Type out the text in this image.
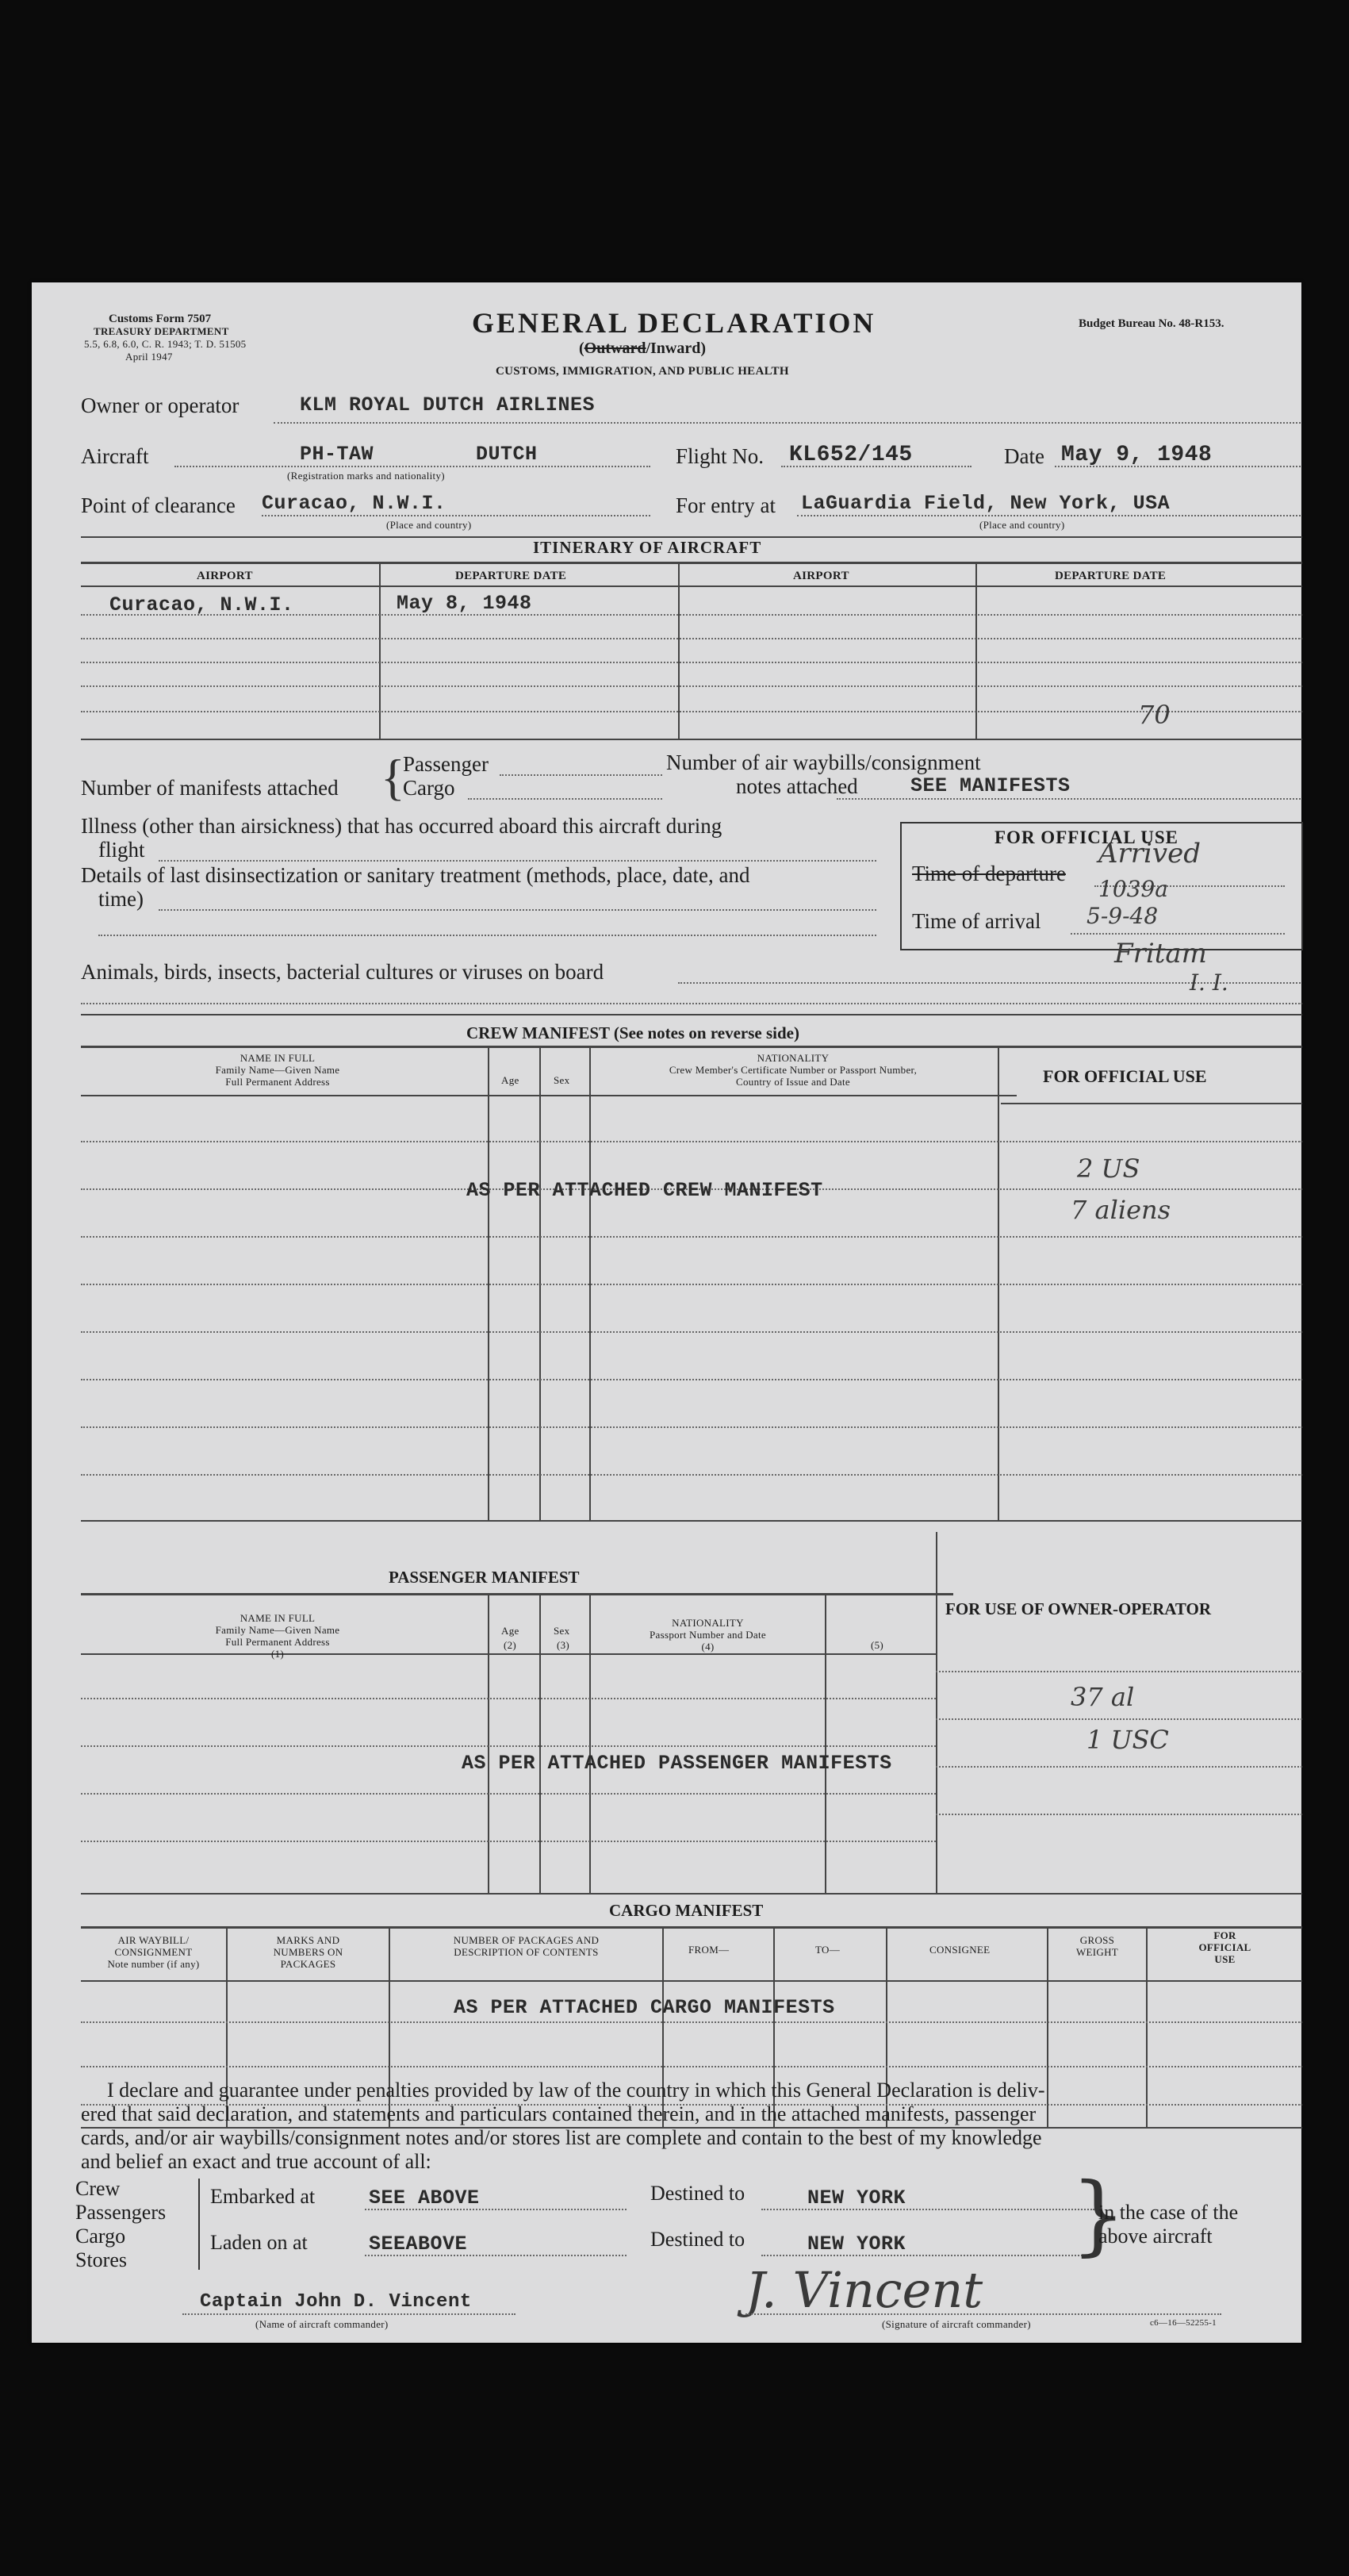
Customs Form 7507
TREASURY DEPARTMENT
5.5, 6.8, 6.0, C. R. 1943; T. D. 51505
April 1947
GENERAL DECLARATION
(Outward/Inward)
CUSTOMS, IMMIGRATION, AND PUBLIC HEALTH
Budget Bureau No. 48-R153.
Owner or operator	KLM ROYAL DUTCH AIRLINES
Aircraft	PH-TAW	DUTCH
(Registration marks and nationality)
Flight No. KL652/145	Date May 9, 1948
Point of clearance Curacao, N.W.I.
(Place and country)
For entry at LaGuardia Field, New York, USA
(Place and country)
ITINERARY OF AIRCRAFT
AIRPORT	DEPARTURE DATE	AIRPORT	DEPARTURE DATE
Curacao, N.W.I.	May 8, 1948
70
Number of manifests attached {
Passenger
Cargo
Number of air waybills/consignment
notes attached	SEE MANIFESTS
Illness (other than airsickness) that has occurred aboard this aircraft during
flight
Details of last disinsectization or sanitary treatment (methods, place, date, and
time)
Animals, birds, insects, bacterial cultures or viruses on board
FOR OFFICIAL USE
Time of departure
Time of arrival
Arrived
1039a
5-9-48
Fritam
I. I.
CREW MANIFEST (See notes on reverse side)
NAME IN FULL
Family Name—Given Name
Full Permanent Address	Age	Sex
NATIONALITY
Crew Member's Certificate Number or Passport Number,
Country of Issue and Date	FOR OFFICIAL USE
AS PER ATTACHED CREW MANIFEST
2 US
7 aliens
PASSENGER MANIFEST
FOR USE OF OWNER-OPERATOR
NAME IN FULL
Family Name—Given Name
Full Permanent Address
(1)
Age
(2)
Sex
(3)
NATIONALITY
Passport Number and Date
(4)	(5)
AS PER ATTACHED PASSENGER MANIFESTS
37 al
1 USC
CARGO MANIFEST
AIR WAYBILL/
CONSIGNMENT
Note number (if any)
MARKS AND
NUMBERS ON
PACKAGES
NUMBER OF PACKAGES AND
DESCRIPTION OF CONTENTS	FROM—	TO—	CONSIGNEE
GROSS
WEIGHT
FOR
OFFICIAL
USE
AS PER ATTACHED CARGO MANIFESTS
I declare and guarantee under penalties provided by law of the country in which this General Declaration is deliv-
ered that said declaration, and statements and particulars contained therein, and in the attached manifests, passenger
cards, and/or air waybills/consignment notes and/or stores list are complete and contain to the best of my knowledge
and belief an exact and true account of all:
Crew
Passengers
Cargo
Stores
Embarked at	SEE ABOVE
Laden on at	SEEABOVE
Destined to	NEW YORK
Destined to	NEW YORK }
in the case of the
above aircraft
Captain John D. Vincent
(Name of aircraft commander)
J. Vincent
(Signature of aircraft commander)	c6—16—52255-1
